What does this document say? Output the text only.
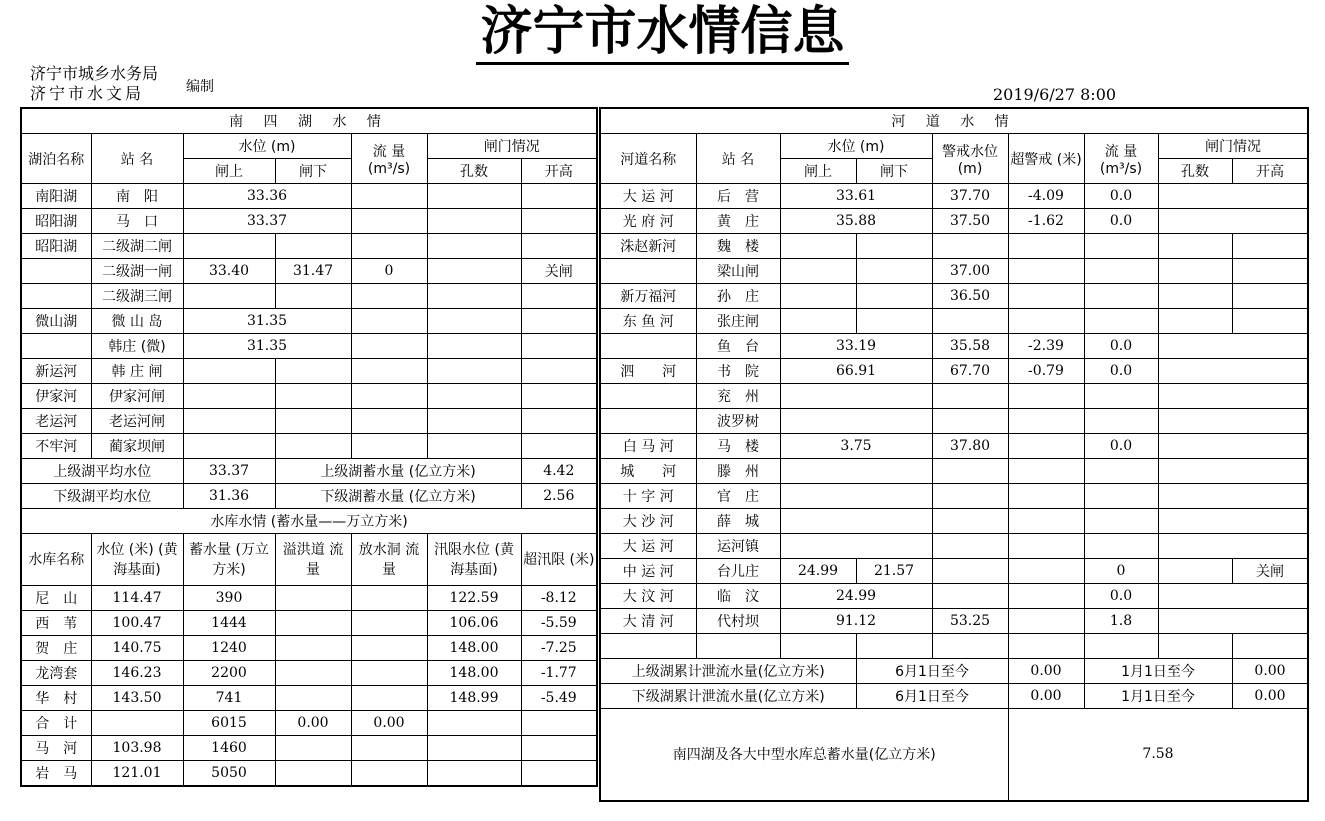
济宁市水情信息
济宁市城乡水务局
济宁市水文局	编制	2019/6/27 8:00
南 四 湖 水 情						
湖泊名称	站 名	水位 (m)		流 量 (m³/s)	闸门情况	
		闸上	闸下		孔数	开高
南阳湖	南　阳	33.36				
昭阳湖	马　口	33.37				
昭阳湖	二级湖二闸					
	二级湖一闸	33.40	31.47	0		关闸
	二级湖三闸					
微山湖	微 山 岛	31.35				
	韩庄 (微)	31.35				
新运河	韩 庄 闸					
伊家河	伊家河闸					
老运河	老运河闸					
不牢河	蔺家坝闸					
上级湖平均水位		33.37	上级湖蓄水量 (亿立方米)			4.42
下级湖平均水位		31.36	下级湖蓄水量 (亿立方米)			2.56
水库水情 (蓄水量——万立方米)						
水库名称	水位 (米) (黄海基面)	蓄水量 (万立方米)	溢洪道 流　量	放水洞 流　量	汛限水位 (黄海基面)	超汛限 (米)
尼　山	114.47	390			122.59	-8.12
西　苇	100.47	1444			106.06	-5.59
贺　庄	140.75	1240			148.00	-7.25
龙湾套	146.23	2200			148.00	-1.77
华　村	143.50	741			148.99	-5.49
合　计		6015	0.00	0.00		
马　河	103.98	1460				
岩　马	121.01	5050				
河 道 水 情								
河道名称	站 名	水位 (m)		警戒水位 (m)	超警戒 (米)	流 量 (m³/s)	闸门情况	
		闸上	闸下				孔数	开高
大 运 河	后　营	33.61		37.70	-4.09	0.0		
光 府 河	黄　庄	35.88		37.50	-1.62	0.0		
洙赵新河	魏　楼							
	梁山闸			37.00				
新万福河	孙　庄			36.50				
东 鱼 河	张庄闸							
	鱼　台	33.19		35.58	-2.39	0.0		
泗　　河	书　院	66.91		67.70	-0.79	0.0		
	兖　州							
	波罗树							
白 马 河	马　楼	3.75		37.80		0.0		
城　　河	滕　州							
十 字 河	官　庄							
大 沙 河	薛　城							
大 运 河	运河镇							
中 运 河	台儿庄	24.99	21.57			0		关闸
大 汶 河	临　汶	24.99				0.0		
大 清 河	代村坝	91.12		53.25		1.8		

上级湖累计泄流水量(亿立方米)			6月1日至今		0.00	1月1日至今		0.00
下级湖累计泄流水量(亿立方米)			6月1日至今		0.00	1月1日至今		0.00
南四湖及各大中型水库总蓄水量(亿立方米)					7.58			
